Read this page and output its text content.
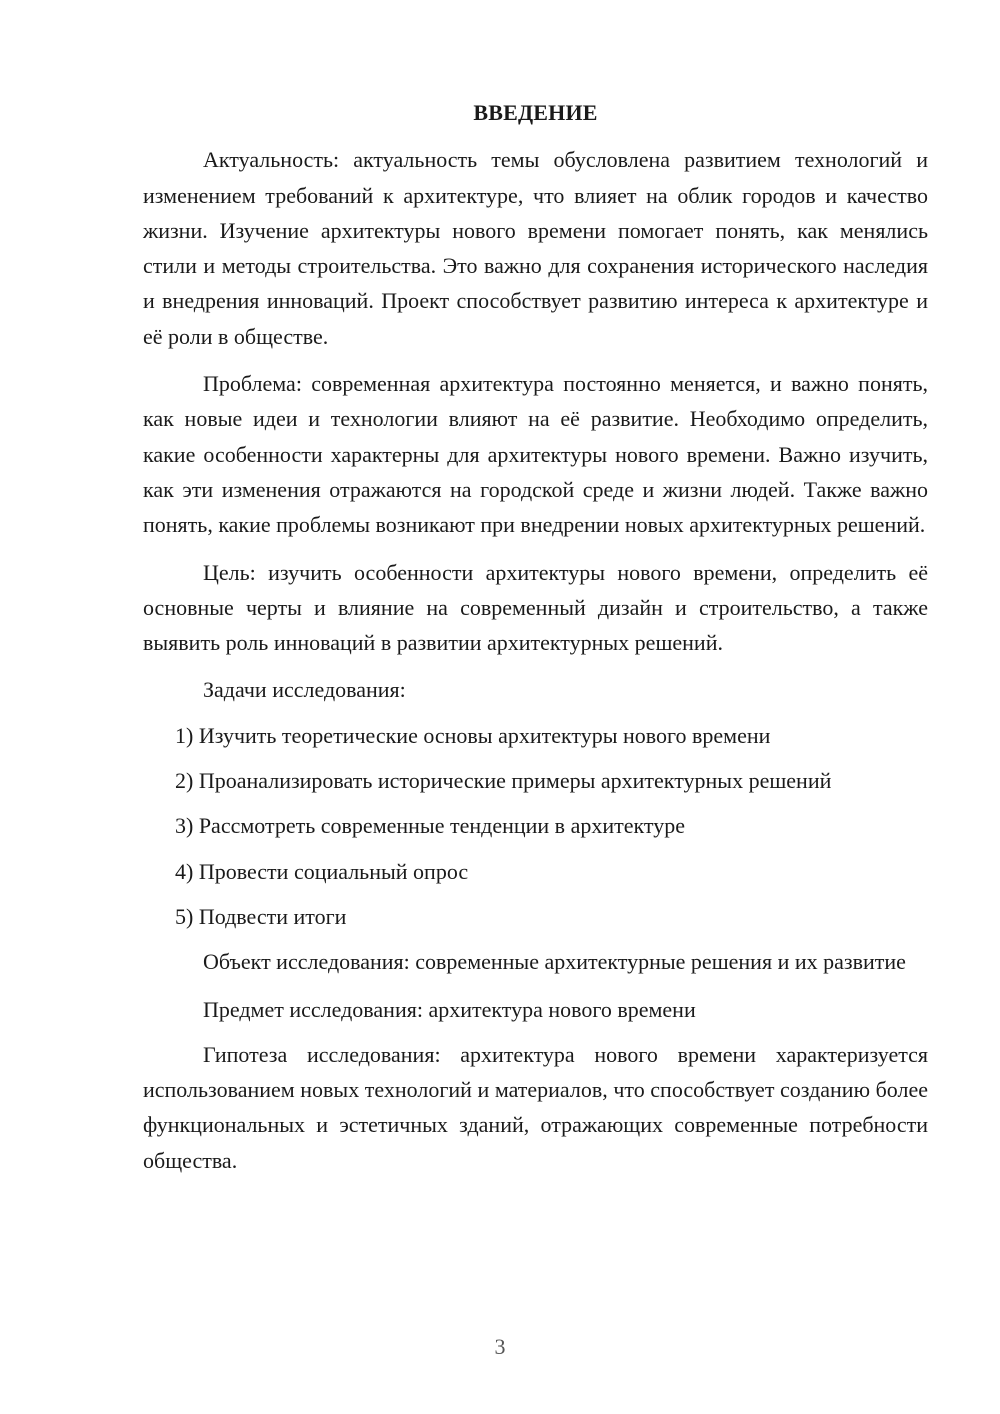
ВВЕДЕНИЕ

Актуальность: актуальность темы обусловлена развитием технологий и изменением требований к архитектуре, что влияет на облик городов и качество жизни. Изучение архитектуры нового времени помогает понять, как менялись стили и методы строительства. Это важно для сохранения исторического наследия и внедрения инноваций. Проект способствует развитию интереса к архитектуре и её роли в обществе.

Проблема: современная архитектура постоянно меняется, и важно понять, как новые идеи и технологии влияют на её развитие. Необходимо определить, какие особенности характерны для архитектуры нового времени. Важно изучить, как эти изменения отражаются на городской среде и жизни людей. Также важно понять, какие проблемы возникают при внедрении новых архитектурных решений.

Цель: изучить особенности архитектуры нового времени, определить её основные черты и влияние на современный дизайн и строительство, а также выявить роль инноваций в развитии архитектурных решений.

Задачи исследования:

1) Изучить теоретические основы архитектуры нового времени
2) Проанализировать исторические примеры архитектурных решений
3) Рассмотреть современные тенденции в архитектуре
4) Провести социальный опрос
5) Подвести итоги

Объект исследования: современные архитектурные решения и их развитие

Предмет исследования: архитектура нового времени

Гипотеза исследования: архитектура нового времени характеризуется использованием новых технологий и материалов, что способствует созданию более функциональных и эстетичных зданий, отражающих современные потребности общества.

3
